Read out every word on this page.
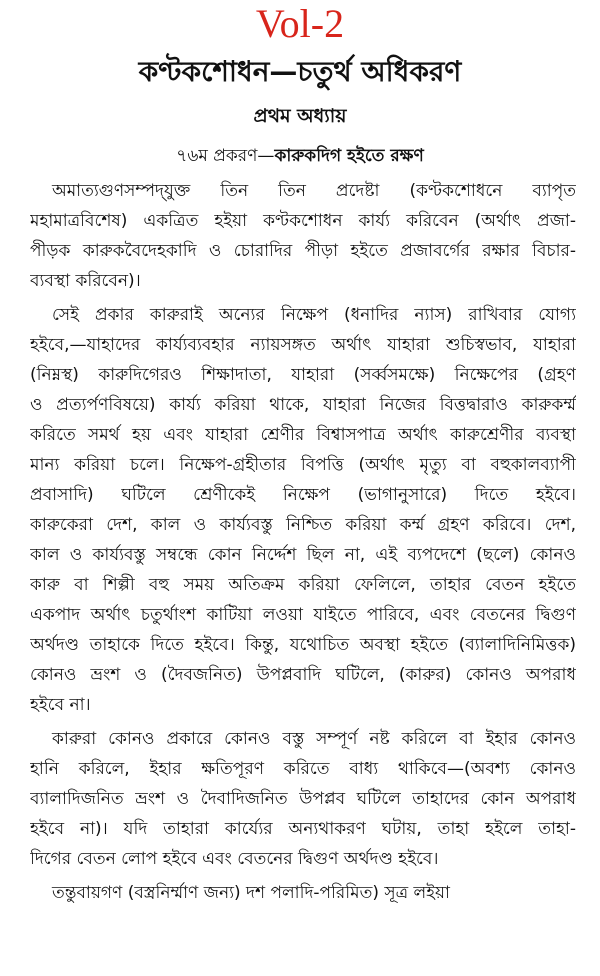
Vol-2
কণ্টকশোধন—চতুর্থ অধিকরণ
প্রথম অধ্যায়
৭৬ম প্রকরণ—কারুকদিগ হইতে রক্ষণ
অমাত্যগুণসম্পদ্‌যুক্ত তিন তিন প্রদেষ্টা (কণ্টকশোধনে ব্যাপৃত
মহামাত্রবিশেষ) একত্রিত হইয়া কণ্টকশোধন কার্য্য করিবেন (অর্থাৎ প্রজা-
পীড়ক কারুকবৈদেহকাদি ও চোরাদির পীড়া হইতে প্রজাবর্গের রক্ষার বিচার-
ব্যবস্থা করিবেন)।
সেই প্রকার কারুরাই অন্যের নিক্ষেপ (ধনাদির ন্যাস) রাখিবার যোগ্য
হইবে,—যাহাদের কার্য্যব্যবহার ন্যায়সঙ্গত অর্থাৎ যাহারা শুচিস্বভাব, যাহারা
(নিম্নস্থ) কারুদিগেরও শিক্ষাদাতা, যাহারা (সর্ব্বসমক্ষে) নিক্ষেপের (গ্রহণ
ও প্রত্যর্পণবিষয়ে) কার্য্য করিয়া থাকে, যাহারা নিজের বিত্তদ্বারাও কারুকর্ম্ম
করিতে সমর্থ হয় এবং যাহারা শ্রেণীর বিশ্বাসপাত্র অর্থাৎ কারুশ্রেণীর ব্যবস্থা
মান্য করিয়া চলে। নিক্ষেপ-গ্রহীতার বিপত্তি (অর্থাৎ মৃত্যু বা বহুকালব্যাপী
প্রবাসাদি) ঘটিলে শ্রেণীকেই নিক্ষেপ (ভাগানুসারে) দিতে হইবে।
কারুকেরা দেশ, কাল ও কার্য্যবস্তু নিশ্চিত করিয়া কর্ম্ম গ্রহণ করিবে। দেশ,
কাল ও কার্য্যবস্তু সম্বন্ধে কোন নির্দ্দেশ ছিল না, এই ব্যপদেশে (ছলে) কোনও
কারু বা শিল্পী বহু সময় অতিক্রম করিয়া ফেলিলে, তাহার বেতন হইতে
একপাদ অর্থাৎ চতুর্থাংশ কাটিয়া লওয়া যাইতে পারিবে, এবং বেতনের দ্বিগুণ
অর্থদণ্ড তাহাকে দিতে হইবে। কিন্তু, যথোচিত অবস্থা হইতে (ব্যালাদিনিমিত্তক)
কোনও ভ্রংশ ও (দৈবজনিত) উপপ্লবাদি ঘটিলে, (কারুর) কোনও অপরাধ
হইবে না।
কারুরা কোনও প্রকারে কোনও বস্তু সম্পূর্ণ নষ্ট করিলে বা ইহার কোনও
হানি করিলে, ইহার ক্ষতিপূরণ করিতে বাধ্য থাকিবে—(অবশ্য কোনও
ব্যালাদিজনিত ভ্রংশ ও দৈবাদিজনিত উপপ্লব ঘটিলে তাহাদের কোন অপরাধ
হইবে না)। যদি তাহারা কার্য্যের অন্যথাকরণ ঘটায়, তাহা হইলে তাহা-
দিগের বেতন লোপ হইবে এবং বেতনের দ্বিগুণ অর্থদণ্ড হইবে।
তন্তুবায়গণ (বস্ত্রনির্ম্মাণ জন্য) দশ পলাদি-পরিমিত) সূত্র লইয়া
